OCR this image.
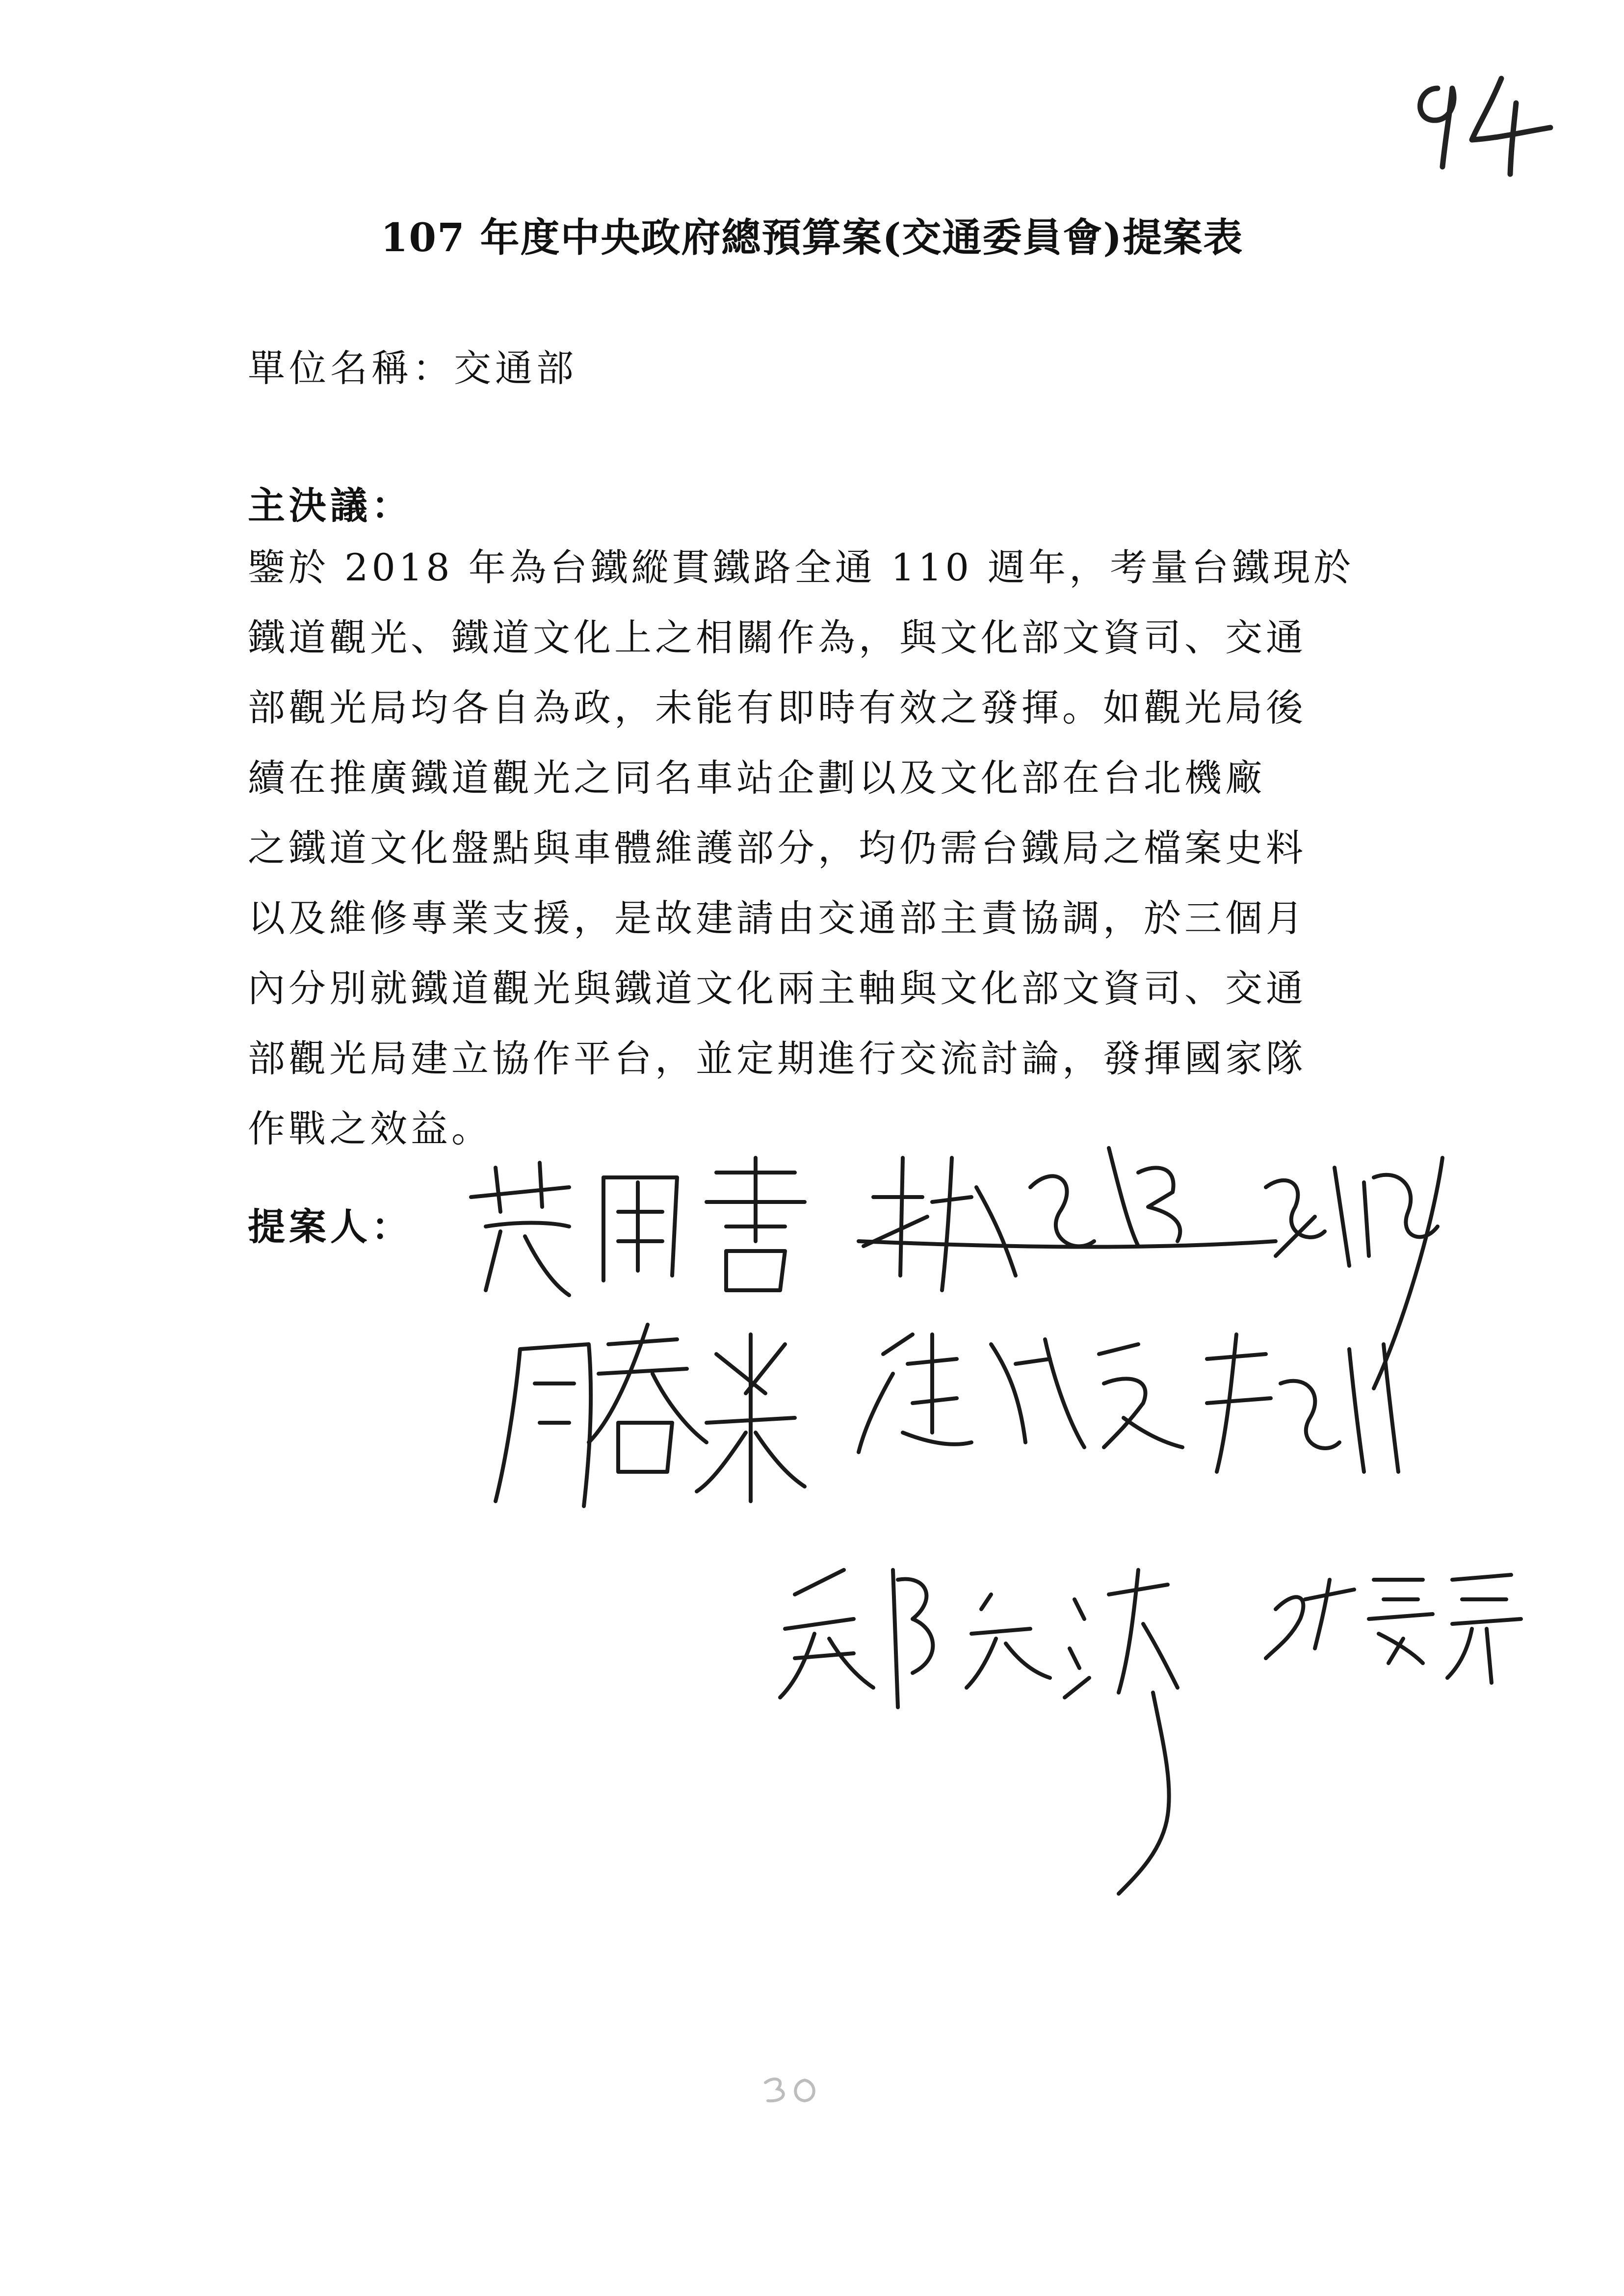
107 年度中央政府總預算案(交通委員會)提案表
單位名稱：交通部
主決議：
鑒於 2018 年為台鐵縱貫鐵路全通 110 週年，考量台鐵現於
鐵道觀光、鐵道文化上之相關作為，與文化部文資司、交通
部觀光局均各自為政，未能有即時有效之發揮。如觀光局後
續在推廣鐵道觀光之同名車站企劃以及文化部在台北機廠
之鐵道文化盤點與車體維護部分，均仍需台鐵局之檔案史料
以及維修專業支援，是故建請由交通部主責協調，於三個月
內分別就鐵道觀光與鐵道文化兩主軸與文化部文資司、交通
部觀光局建立協作平台，並定期進行交流討論，發揮國家隊
作戰之效益。
提案人：
